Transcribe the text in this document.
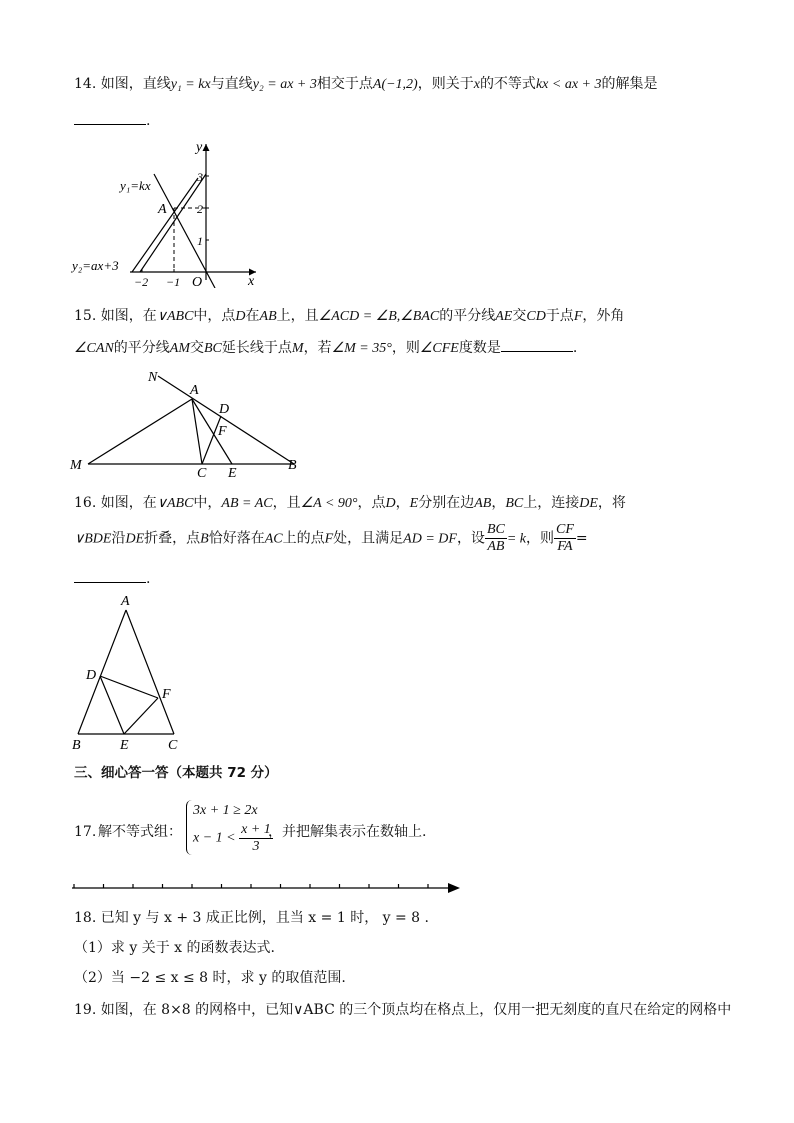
14. 如图，直线y₁ = kx与直线y₂ = ax + 3相交于点A(−1,2)，则关于x的不等式kx < ax + 3的解集是
.
y
x
O
A
y₁=kx
y₂=ax+3
−2 −1
1
2
3
15. 如图，在∨ABC中，点D在AB上，且∠ACD = ∠B,∠BAC的平分线AE交CD于点F，外角
∠CAN的平分线AM交BC延长线于点M，若∠M = 35°，则∠CFE度数是	.
N
A
D
F
M
C E
B
16. 如图，在∨ABC中，AB = AC，且∠A < 90°，点D，E分别在边AB，BC上，连接DE，将
∨BDE沿DE折叠，点B恰好落在AC上的点F处，且满足AD = DF，设 $\frac{BC}{AB} = k$，则 $\frac{CF}{FA}$ =
.
A
D
F
B	E	C
三、细心答一答（本题共 72 分）
17. 解不等式组：
3x + 1 ≥ 2x
$x - 1 < \frac{x + 1}{3}$
，并把解集表示在数轴上.
18. 已知 y 与 x + 3 成正比例，且当 x = 1 时， y = 8 .
（1）求 y 关于 x 的函数表达式.
（2）当 −2 ≤ x ≤ 8 时，求 y 的取值范围.
19. 如图，在 8×8 的网格中，已知∨ABC 的三个顶点均在格点上，仅用一把无刻度的直尺在给定的网格中
